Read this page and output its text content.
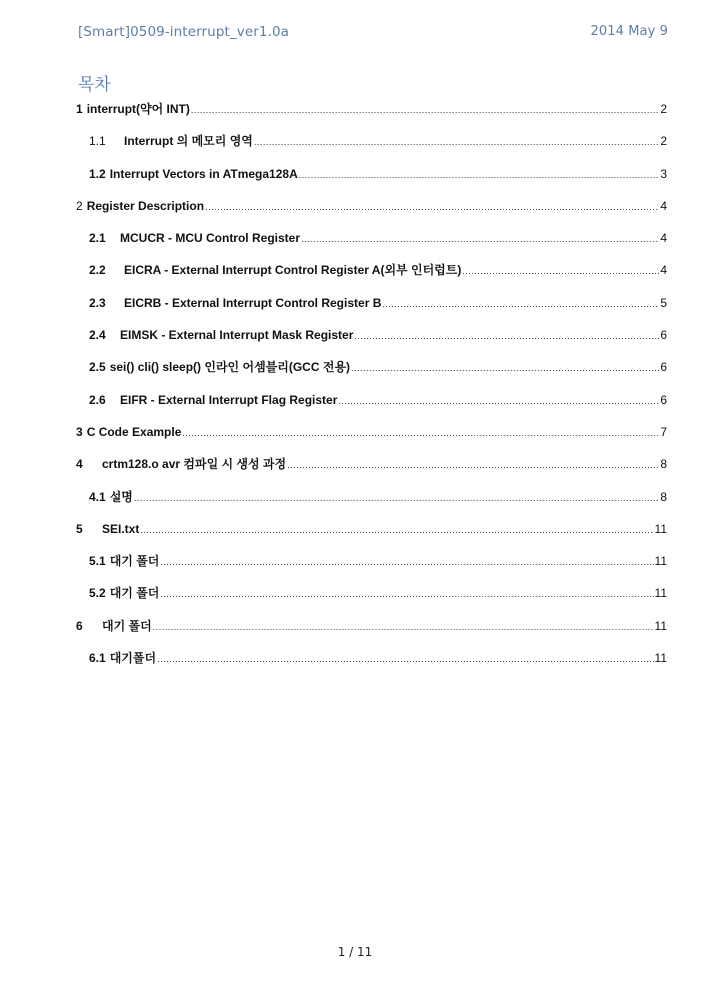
[Smart]0509-interrupt_ver1.0a	2014 May 9
목차
1 interrupt(약어 INT) .....	2
1.1	Interrupt 의 메모리 영역 .....	2
1.2 Interrupt Vectors in ATmega128A .....	3
2 Register Description .....	4
2.1	MCUCR - MCU Control Register .....	4
2.2	EICRA - External Interrupt Control Register A(외부 인터럽트) .....	4
2.3	EICRB - External Interrupt Control Register B .....	5
2.4	EIMSK - External Interrupt Mask Register .....	6
2.5 sei() cli() sleep() 인라인 어셈블리(GCC 전용) .....	6
2.6	EIFR - External Interrupt Flag Register .....	6
3 C Code Example .....	7
4	crtm128.o avr 컴파일 시 생성 과정 .....	8
4.1 설명 .....	8
5	SEI.txt .....	11
5.1 대기 폴더 .....	11
5.2 대기 폴더 .....	11
6	대기 폴더 .....	11
6.1 대기폴더 .....	11
1 / 11
